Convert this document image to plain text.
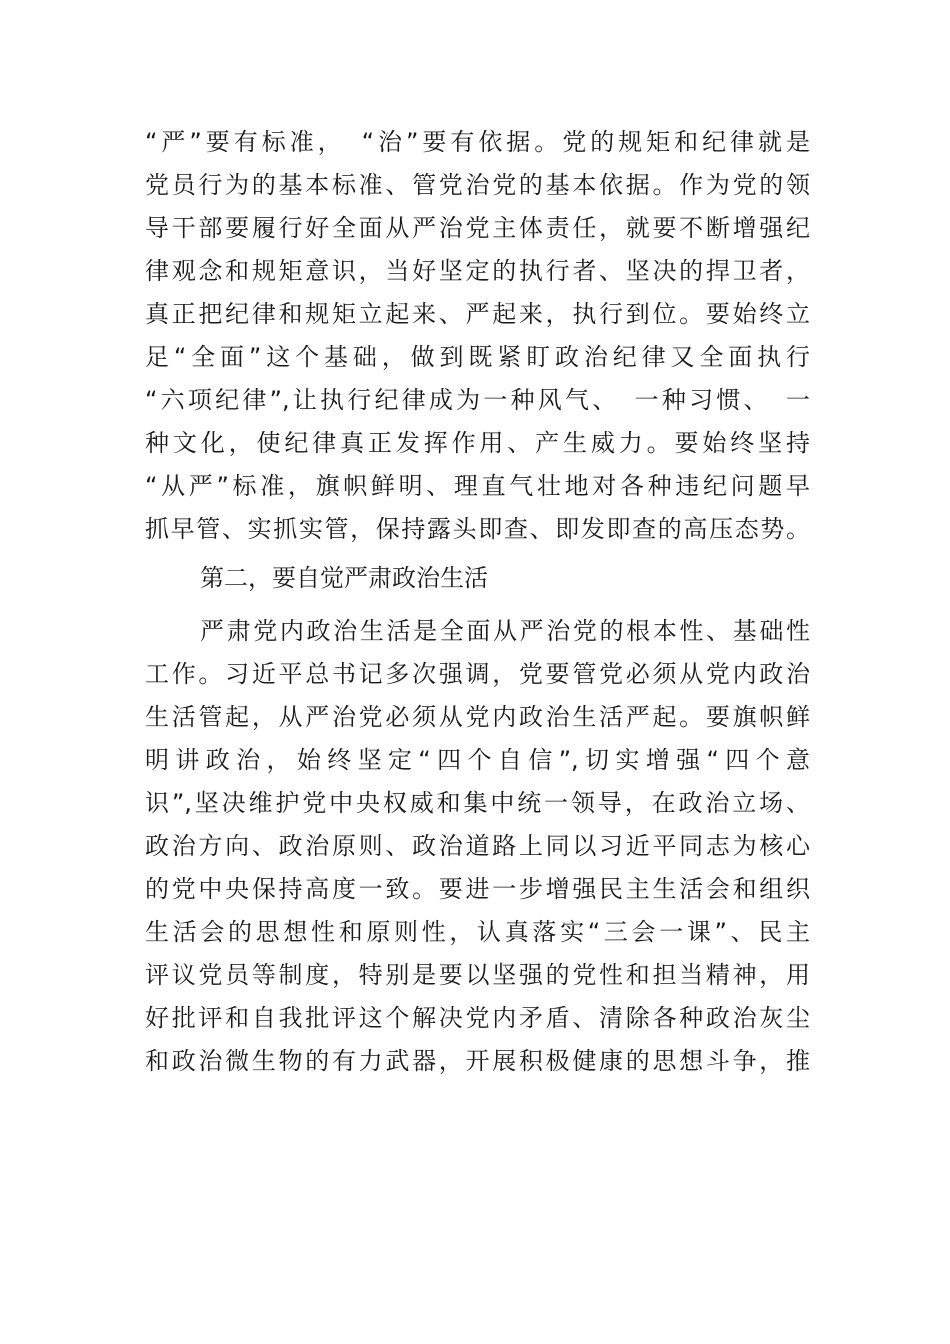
“严”要有标准，　“治”要有依据。党的规矩和纪律就是
党员行为的基本标准、管党治党的基本依据。作为党的领
导干部要履行好全面从严治党主体责任，就要不断增强纪
律观念和规矩意识，当好坚定的执行者、坚决的捍卫者，
真正把纪律和规矩立起来、严起来，执行到位。要始终立
足“全面”这个基础，做到既紧盯政治纪律又全面执行
“六项纪律”,让执行纪律成为一种风气、　一种习惯、　一
种文化，使纪律真正发挥作用、产生威力。要始终坚持
“从严”标准，旗帜鲜明、理直气壮地对各种违纪问题早
抓早管、实抓实管，保持露头即查、即发即查的高压态势。
第二，要自觉严肃政治生活
严肃党内政治生活是全面从严治党的根本性、基础性
工作。习近平总书记多次强调，党要管党必须从党内政治
生活管起，从严治党必须从党内政治生活严起。要旗帜鲜
明讲政治，始终坚定“四个自信”,切实增强“四个意
识”,坚决维护党中央权威和集中统一领导，在政治立场、
政治方向、政治原则、政治道路上同以习近平同志为核心
的党中央保持高度一致。要进一步增强民主生活会和组织
生活会的思想性和原则性，认真落实“三会一课”、民主
评议党员等制度，特别是要以坚强的党性和担当精神，用
好批评和自我批评这个解决党内矛盾、清除各种政治灰尘
和政治微生物的有力武器，开展积极健康的思想斗争，推
